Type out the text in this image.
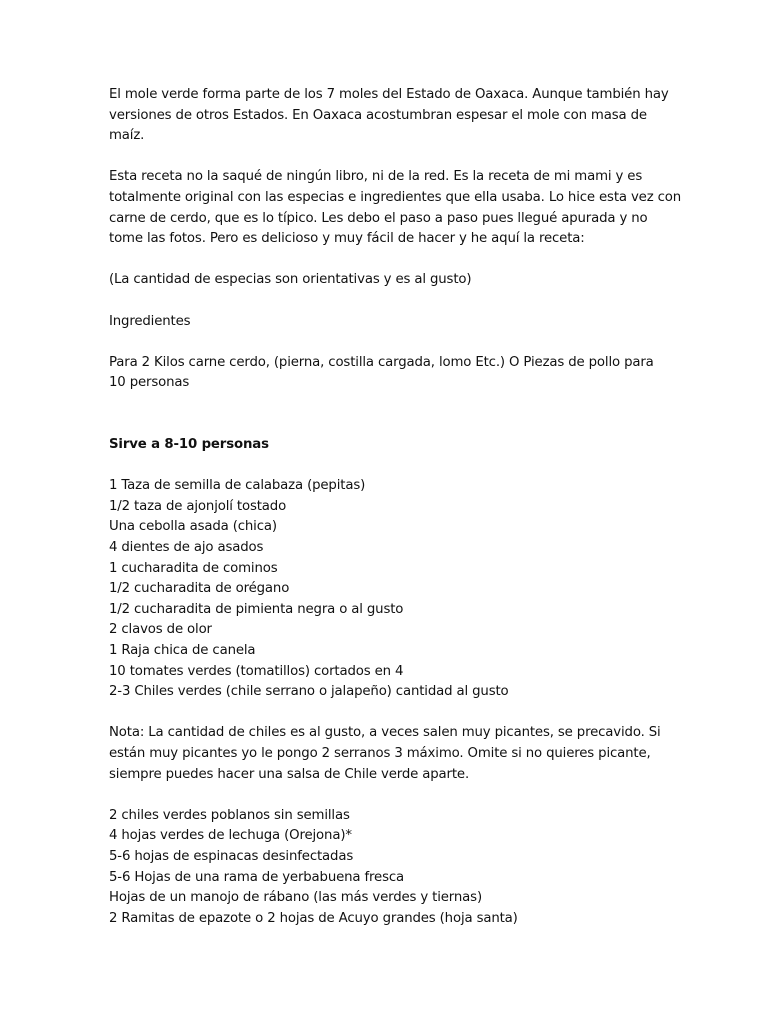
El mole verde forma parte de los 7 moles del Estado de Oaxaca. Aunque también hay
versiones de otros Estados. En Oaxaca acostumbran espesar el mole con masa de
maíz.

Esta receta no la saqué de ningún libro, ni de la red. Es la receta de mi mami y es
totalmente original con las especias e ingredientes que ella usaba. Lo hice esta vez con
carne de cerdo, que es lo típico. Les debo el paso a paso pues llegué apurada y no
tome las fotos. Pero es delicioso y muy fácil de hacer y he aquí la receta:

(La cantidad de especias son orientativas y es al gusto)

Ingredientes

Para 2 Kilos carne cerdo, (pierna, costilla cargada, lomo Etc.) O Piezas de pollo para
10 personas

Sirve a 8-10 personas

1 Taza de semilla de calabaza (pepitas)
1/2 taza de ajonjolí tostado
Una cebolla asada (chica)
4 dientes de ajo asados
1 cucharadita de cominos
1/2 cucharadita de orégano
1/2 cucharadita de pimienta negra o al gusto
2 clavos de olor
1 Raja chica de canela
10 tomates verdes (tomatillos) cortados en 4
2-3 Chiles verdes (chile serrano o jalapeño) cantidad al gusto

Nota: La cantidad de chiles es al gusto, a veces salen muy picantes, se precavido. Si
están muy picantes yo le pongo 2 serranos 3 máximo. Omite si no quieres picante,
siempre puedes hacer una salsa de Chile verde aparte.

2 chiles verdes poblanos sin semillas
4 hojas verdes de lechuga (Orejona)*
5-6 hojas de espinacas desinfectadas
5-6 Hojas de una rama de yerbabuena fresca
Hojas de un manojo de rábano (las más verdes y tiernas)
2 Ramitas de epazote o 2 hojas de Acuyo grandes (hoja santa)
